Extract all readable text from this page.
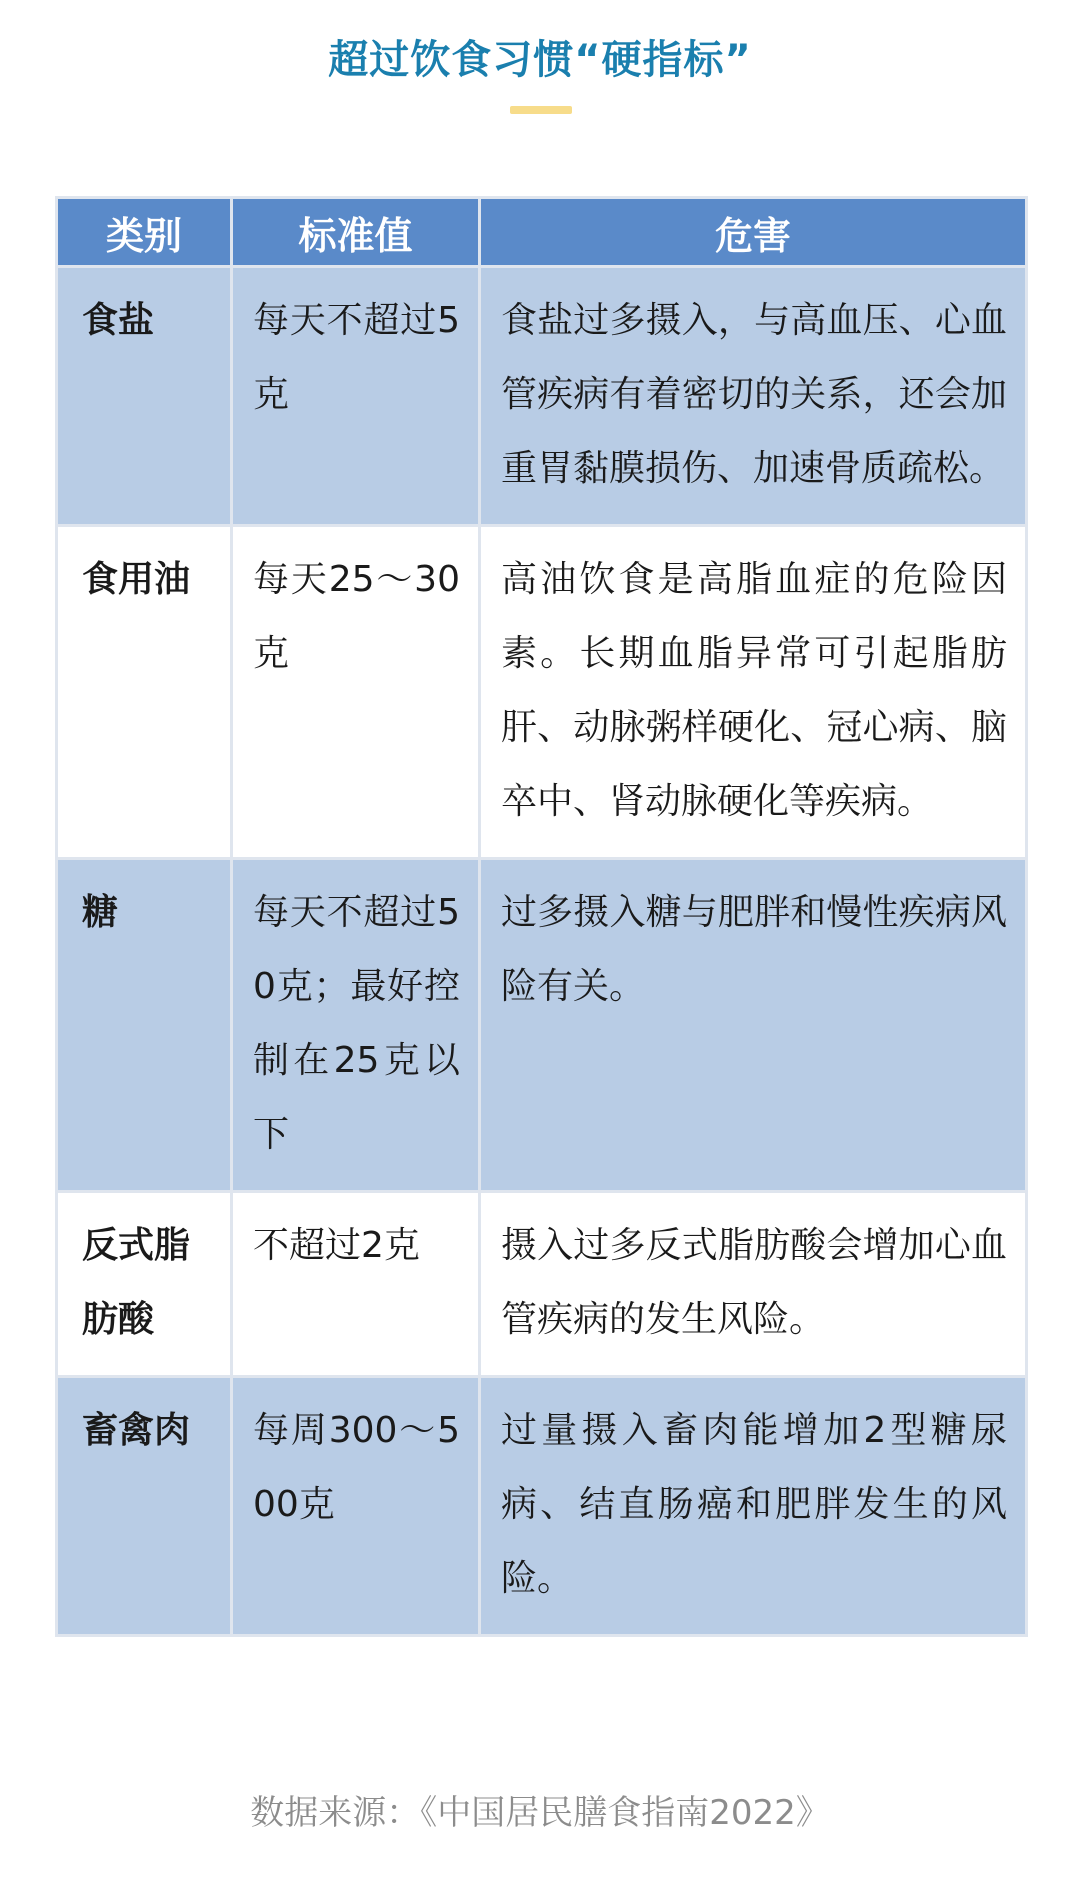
超过饮食习惯“硬指标”
类别	标准值	危害
食盐	每天不超过5克	食盐过多摄入，与高血压、心血管疾病有着密切的关系，还会加重胃黏膜损伤、加速骨质疏松。
食用油	每天25～30克	高油饮食是高脂血症的危险因素。长期血脂异常可引起脂肪肝、动脉粥样硬化、冠心病、脑卒中、肾动脉硬化等疾病。
糖	每天不超过50克；最好控制在25克以下	过多摄入糖与肥胖和慢性疾病风险有关。
反式脂肪酸	不超过2克	摄入过多反式脂肪酸会增加心血管疾病的发生风险。
畜禽肉	每周300～500克	过量摄入畜肉能增加2型糖尿病、结直肠癌和肥胖发生的风险。
数据来源：《中国居民膳食指南2022》
